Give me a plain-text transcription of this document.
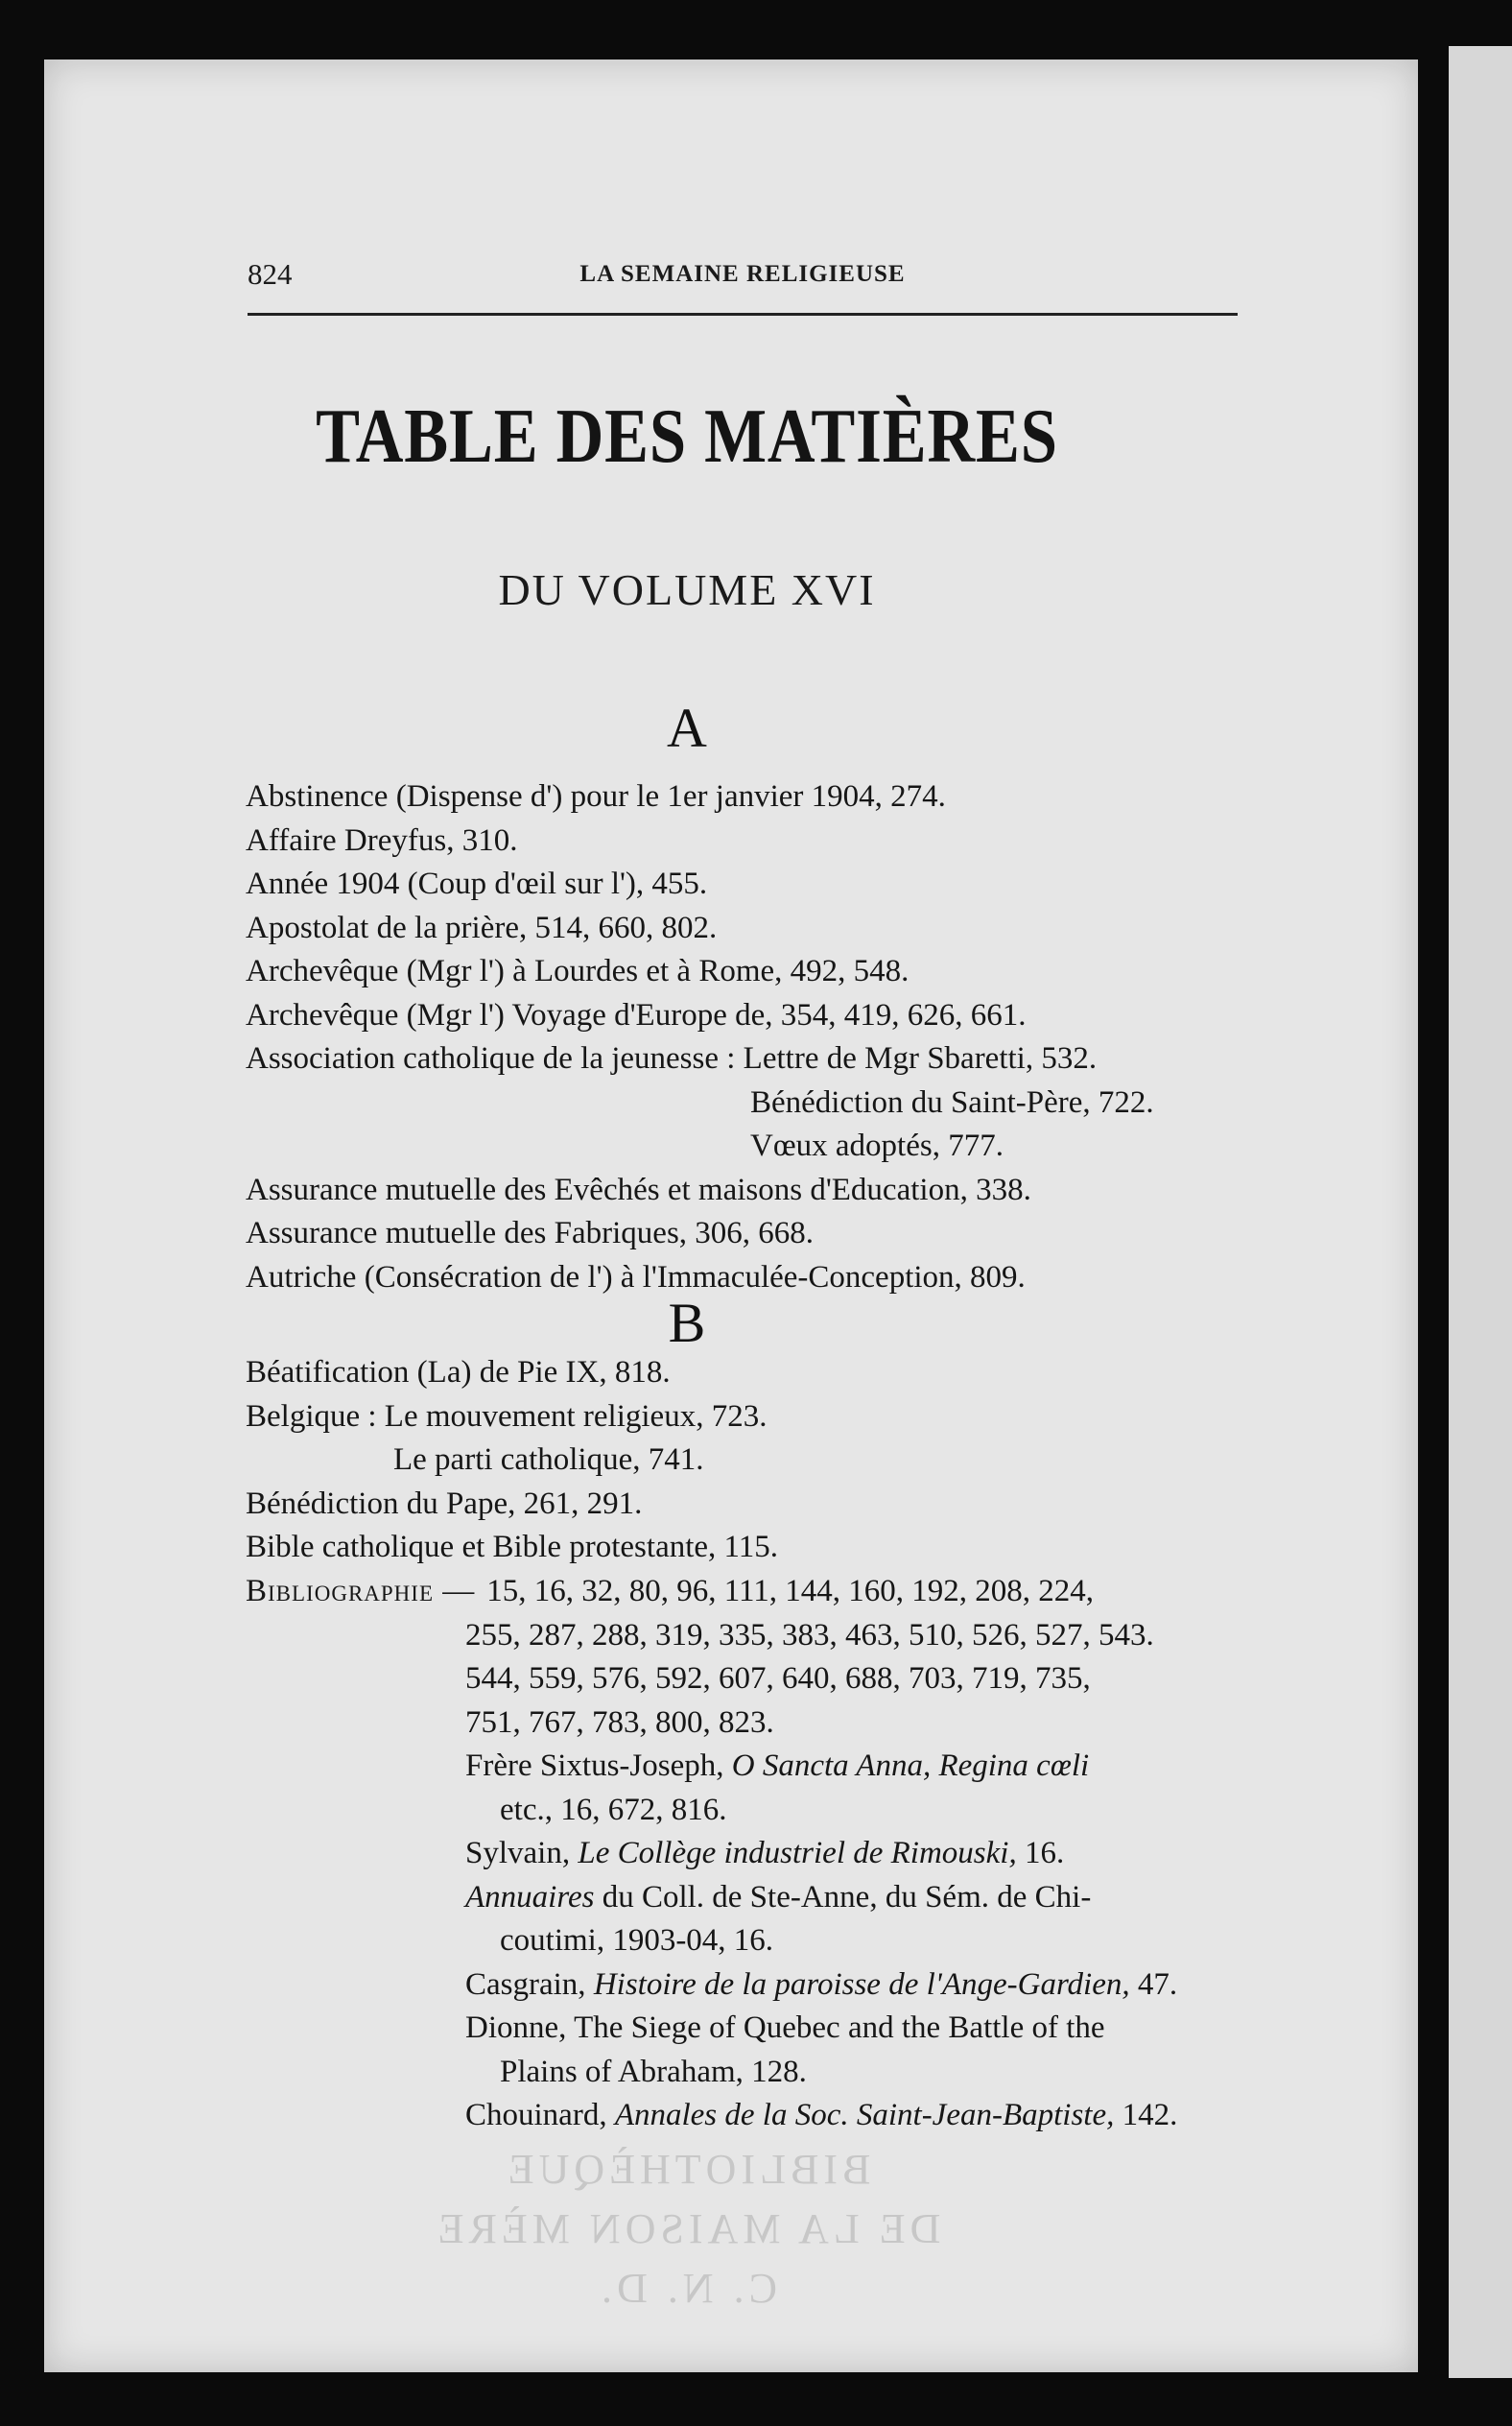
824	LA SEMAINE RELIGIEUSE
TABLE DES MATIÈRES
DU VOLUME XVI
A
Abstinence (Dispense d') pour le 1er janvier 1904, 274.
Affaire Dreyfus, 310.
Année 1904 (Coup d'œil sur l'), 455.
Apostolat de la prière, 514, 660, 802.
Archevêque (Mgr l') à Lourdes et à Rome, 492, 548.
Archevêque (Mgr l') Voyage d'Europe de, 354, 419, 626, 661.
Association catholique de la jeunesse : Lettre de Mgr Sbaretti, 532.
Bénédiction du Saint-Père, 722.
Vœux adoptés, 777.
Assurance mutuelle des Evêchés et maisons d'Education, 338.
Assurance mutuelle des Fabriques, 306, 668.
Autriche (Consécration de l') à l'Immaculée-Conception, 809.
B
Béatification (La) de Pie IX, 818.
Belgique : Le mouvement religieux, 723.
Le parti catholique, 741.
Bénédiction du Pape, 261, 291.
Bible catholique et Bible protestante, 115.
Bibliographie — 15, 16, 32, 80, 96, 111, 144, 160, 192, 208, 224,
255, 287, 288, 319, 335, 383, 463, 510, 526, 527, 543.
544, 559, 576, 592, 607, 640, 688, 703, 719, 735,
751, 767, 783, 800, 823.
Frère Sixtus-Joseph, O Sancta Anna, Regina cœli
etc., 16, 672, 816.
Sylvain, Le Collège industriel de Rimouski, 16.
Annuaires du Coll. de Ste-Anne, du Sém. de Chi-
coutimi, 1903-04, 16.
Casgrain, Histoire de la paroisse de l'Ange-Gardien, 47.
Dionne, The Siege of Quebec and the Battle of the
Plains of Abraham, 128.
Chouinard, Annales de la Soc. Saint-Jean-Baptiste, 142.
BIBLIOTHÈQUE
DE LA MAISON MÈRE
C. N. D.
